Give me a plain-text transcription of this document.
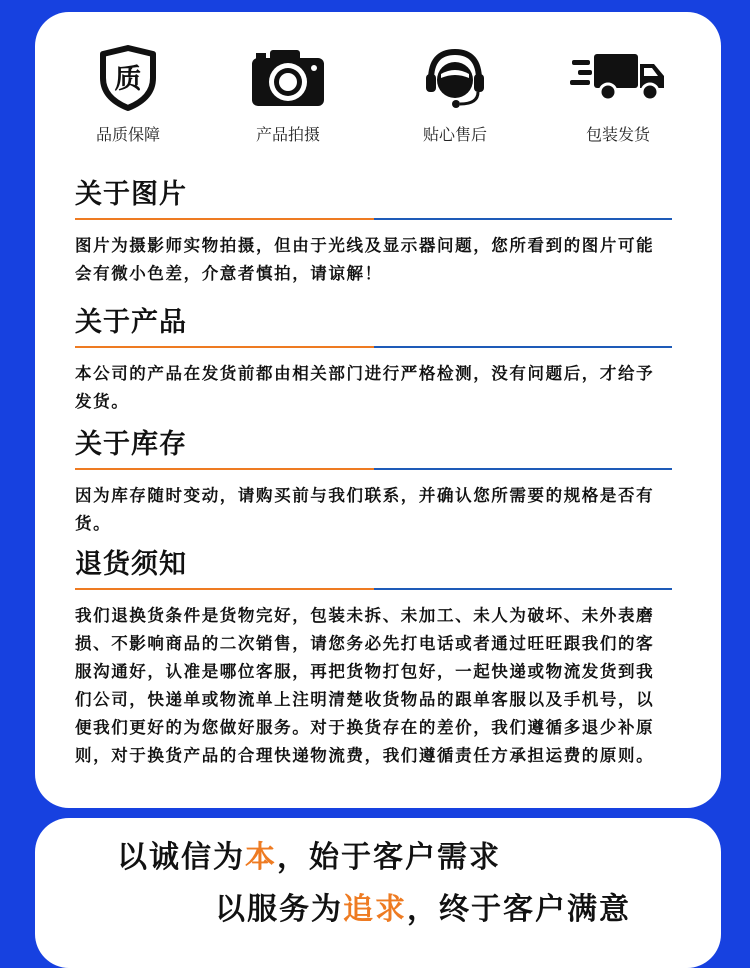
质
品质保障	产品拍摄	贴心售后	包装发货
关于图片
图片为摄影师实物拍摄，但由于光线及显示器问题，您所看到的图片可能会有微小色差，介意者慎拍，请谅解！
关于产品
本公司的产品在发货前都由相关部门进行严格检测，没有问题后，才给予发货。
关于库存
因为库存随时变动，请购买前与我们联系，并确认您所需要的规格是否有货。
退货须知
我们退换货条件是货物完好，包装未拆、未加工、未人为破坏、未外表磨损、不影响商品的二次销售，请您务必先打电话或者通过旺旺跟我们的客服沟通好，认准是哪位客服，再把货物打包好，一起快递或物流发货到我们公司，快递单或物流单上注明清楚收货物品的跟单客服以及手机号，以便我们更好的为您做好服务。对于换货存在的差价，我们遵循多退少补原则，对于换货产品的合理快递物流费，我们遵循责任方承担运费的原则。
以诚信为本，始于客户需求
以服务为追求，终于客户满意
